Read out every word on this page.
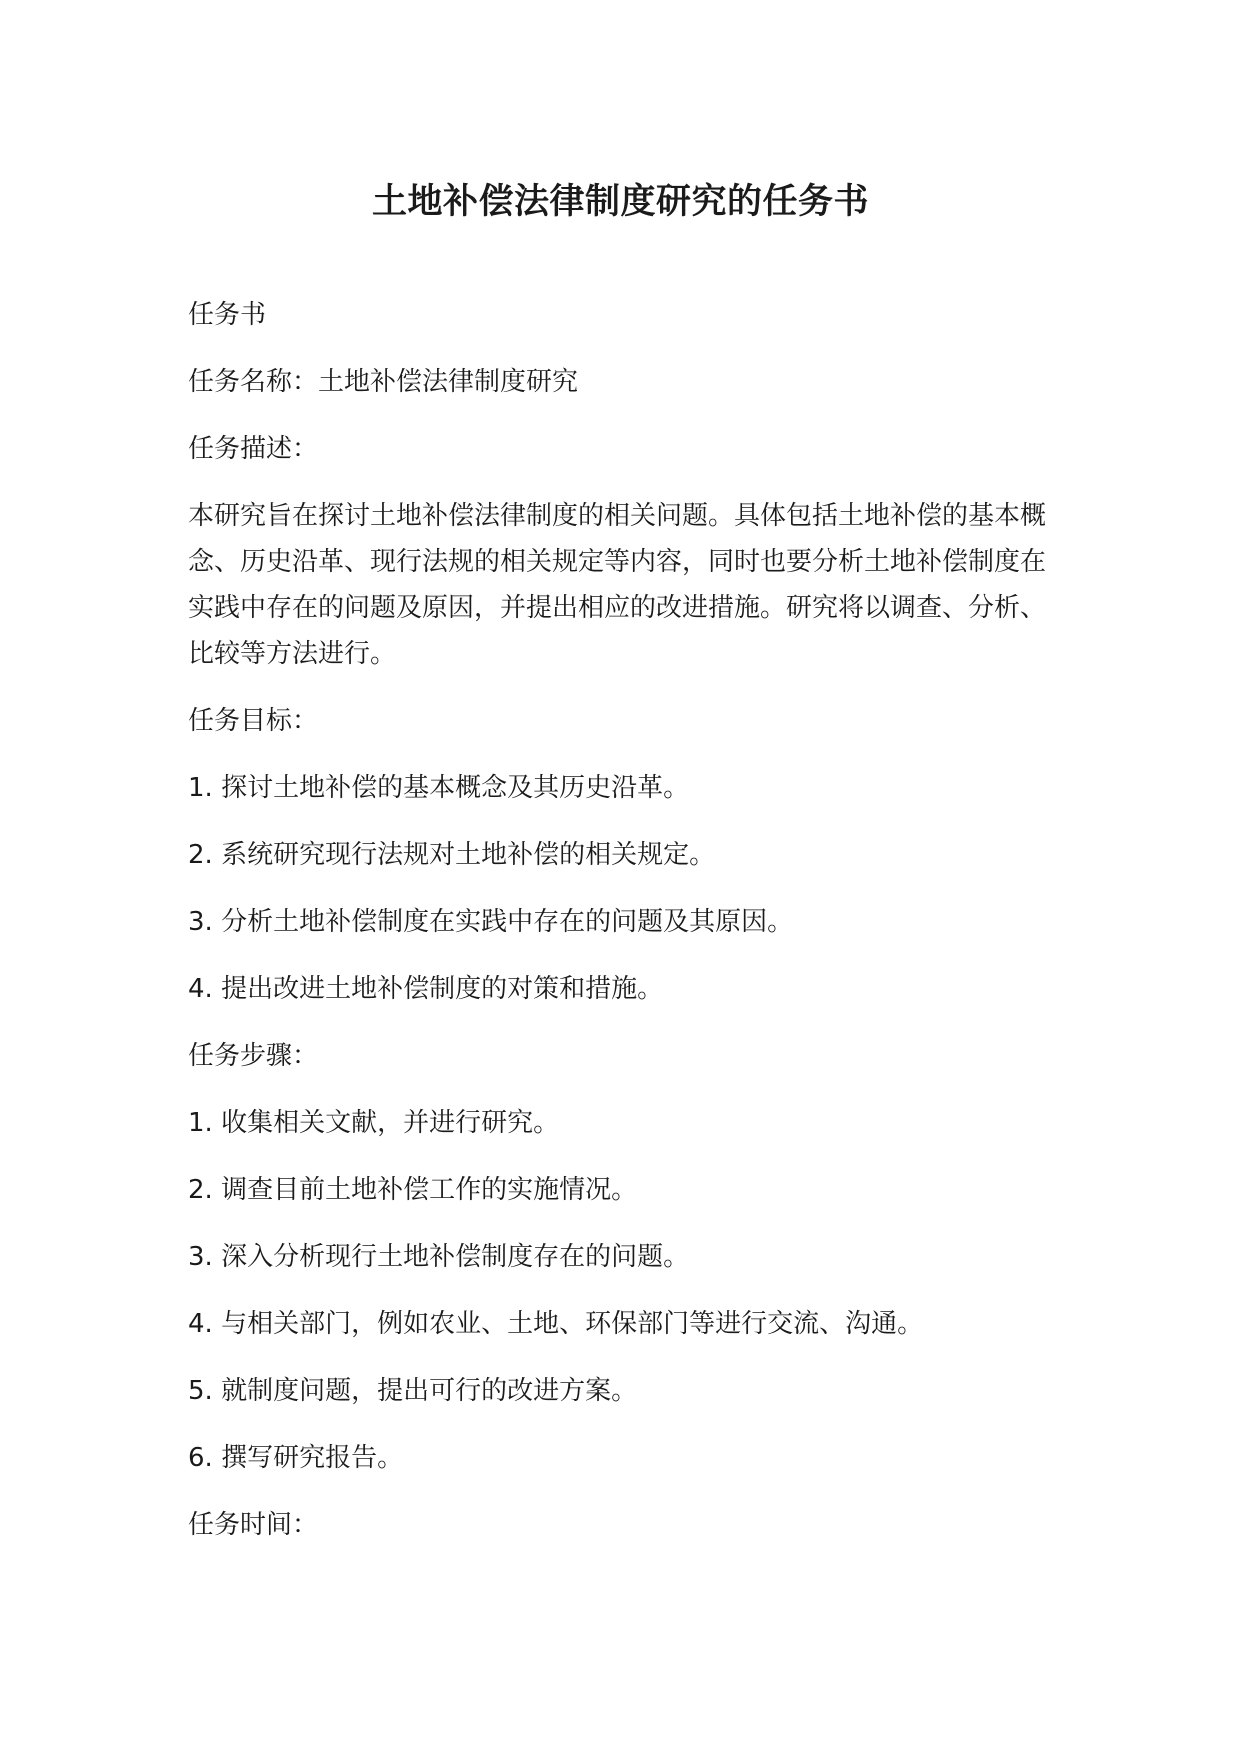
土地补偿法律制度研究的任务书

任务书

任务名称：土地补偿法律制度研究

任务描述：

本研究旨在探讨土地补偿法律制度的相关问题。具体包括土地补偿的基本概念、历史沿革、现行法规的相关规定等内容，同时也要分析土地补偿制度在实践中存在的问题及原因，并提出相应的改进措施。研究将以调查、分析、比较等方法进行。

任务目标：

1. 探讨土地补偿的基本概念及其历史沿革。

2. 系统研究现行法规对土地补偿的相关规定。

3. 分析土地补偿制度在实践中存在的问题及其原因。

4. 提出改进土地补偿制度的对策和措施。

任务步骤：

1. 收集相关文献，并进行研究。

2. 调查目前土地补偿工作的实施情况。

3. 深入分析现行土地补偿制度存在的问题。

4. 与相关部门，例如农业、土地、环保部门等进行交流、沟通。

5. 就制度问题，提出可行的改进方案。

6. 撰写研究报告。

任务时间：
